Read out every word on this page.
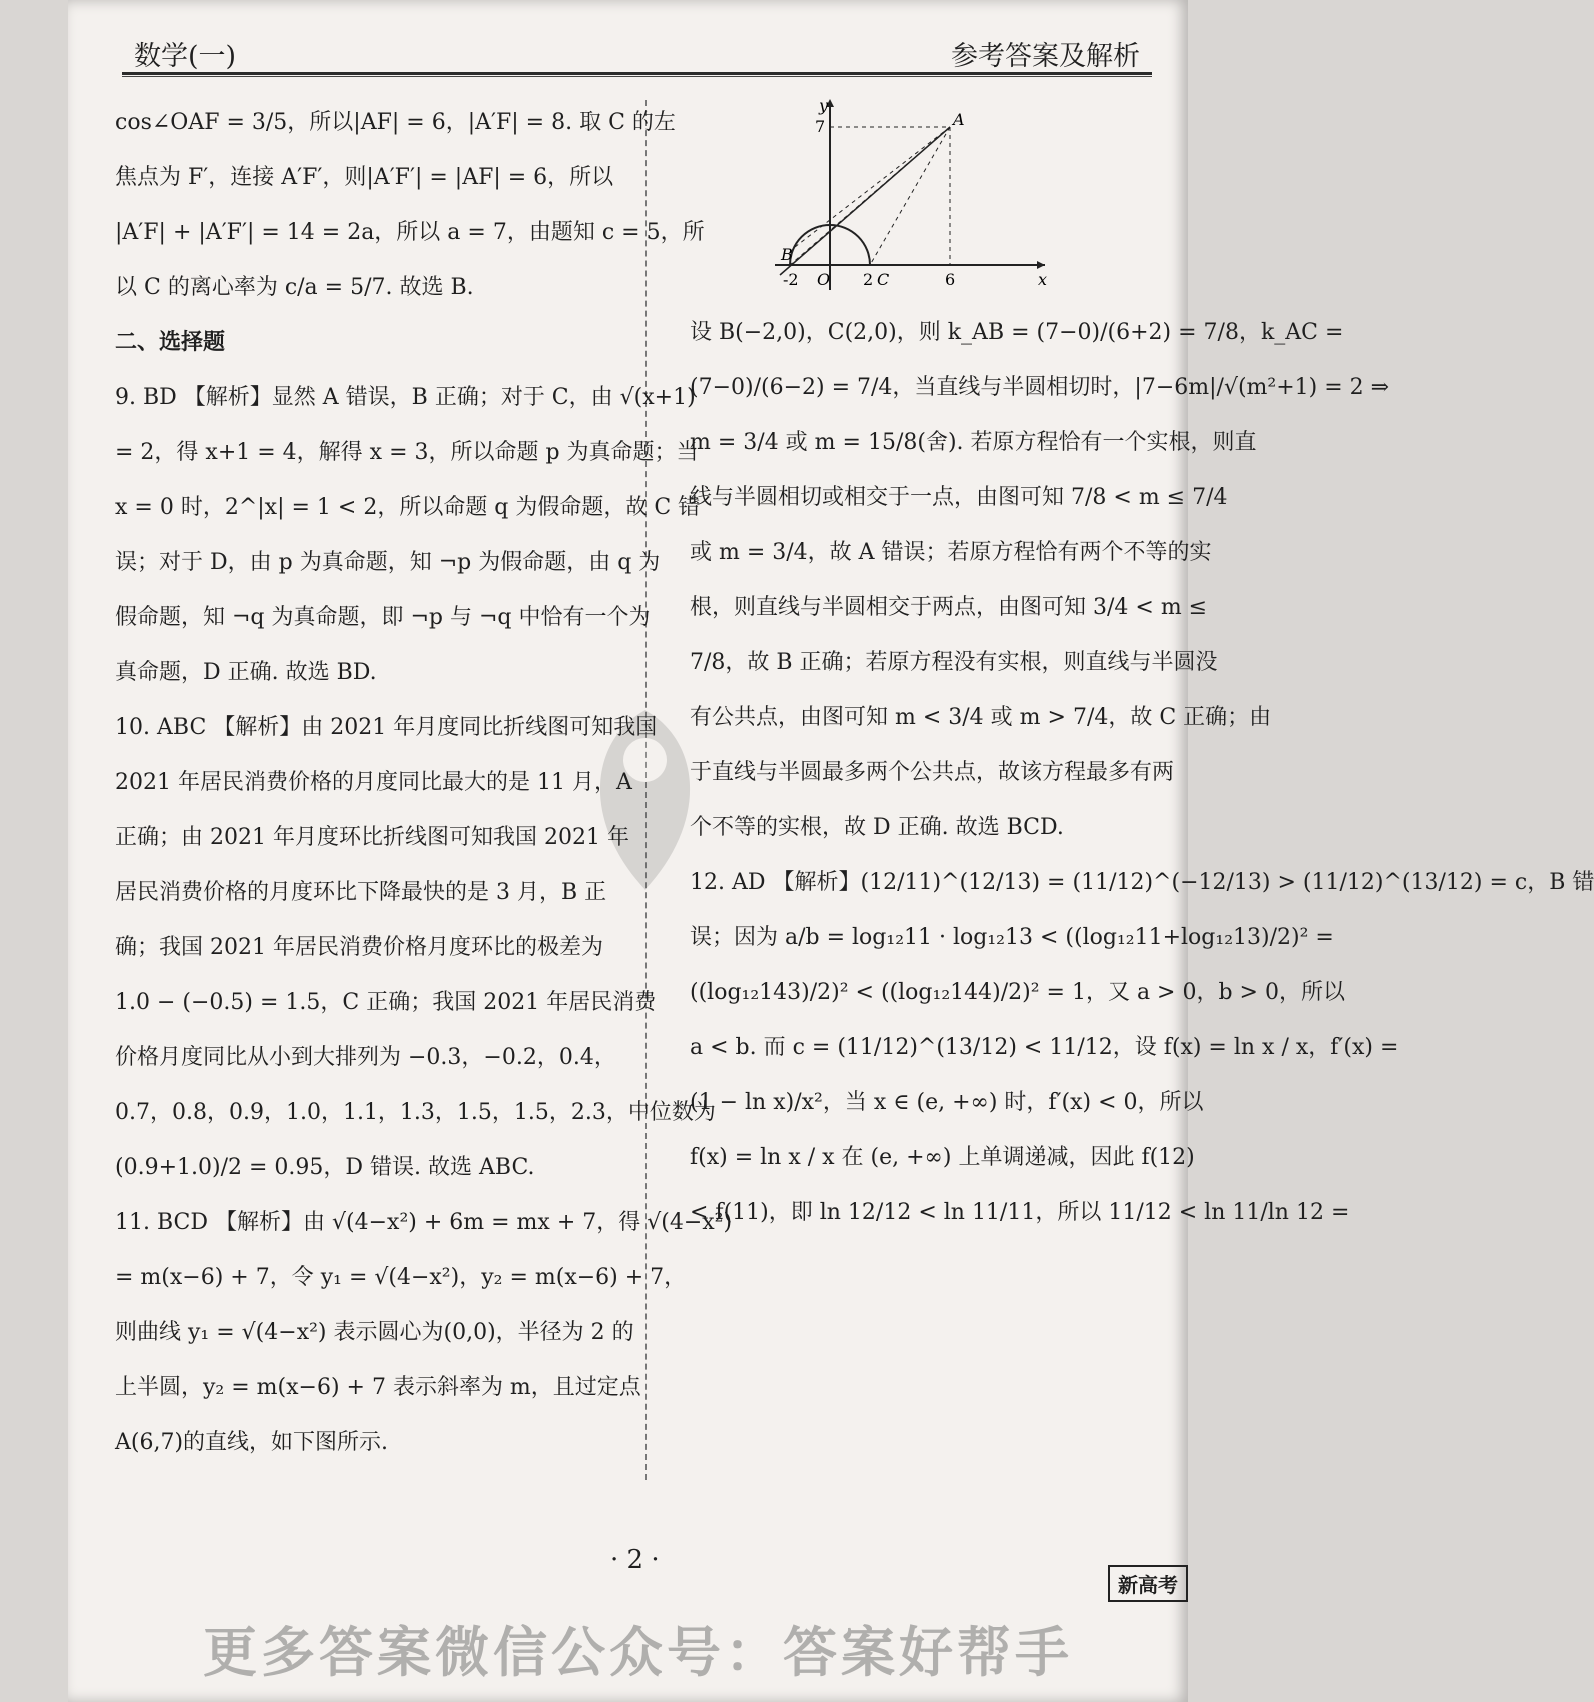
数学(一)	参考答案及解析

cos∠OAF = 3/5，所以|AF| = 6，|A′F| = 8. 取 C 的左

焦点为 F′，连接 A′F′，则|A′F′| = |AF| = 6，所以

|A′F| + |A′F′| = 14 = 2a，所以 a = 7，由题知 c = 5，所

以 C 的离心率为 c/a = 5/7. 故选 B.

二、选择题

9. BD 【解析】显然 A 错误，B 正确；对于 C，由 √(x+1)

= 2，得 x+1 = 4，解得 x = 3，所以命题 p 为真命题；当

x = 0 时，2^|x| = 1 < 2，所以命题 q 为假命题，故 C 错

误；对于 D，由 p 为真命题，知 ¬p 为假命题，由 q 为

假命题，知 ¬q 为真命题，即 ¬p 与 ¬q 中恰有一个为

真命题，D 正确. 故选 BD.

10. ABC 【解析】由 2021 年月度同比折线图可知我国

2021 年居民消费价格的月度同比最大的是 11 月，A

正确；由 2021 年月度环比折线图可知我国 2021 年

居民消费价格的月度环比下降最快的是 3 月，B 正

确；我国 2021 年居民消费价格月度环比的极差为

1.0 − (−0.5) = 1.5，C 正确；我国 2021 年居民消费

价格月度同比从小到大排列为 −0.3，−0.2，0.4，

0.7，0.8，0.9，1.0，1.1，1.3，1.5，1.5，2.3，中位数为

(0.9+1.0)/2 = 0.95，D 错误. 故选 ABC.

11. BCD 【解析】由 √(4−x²) + 6m = mx + 7，得 √(4−x²)

= m(x−6) + 7，令 y₁ = √(4−x²)，y₂ = m(x−6) + 7，

则曲线 y₁ = √(4−x²) 表示圆心为(0,0)，半径为 2 的

上半圆，y₂ = m(x−6) + 7 表示斜率为 m，且过定点

A(6,7)的直线，如下图所示.

y
x
A
B
C
O
7
-2	2	6

设 B(−2,0)，C(2,0)，则 k_AB = (7−0)/(6+2) = 7/8，k_AC =

(7−0)/(6−2) = 7/4，当直线与半圆相切时，|7−6m|/√(m²+1) = 2 ⇒

m = 3/4 或 m = 15/8(舍). 若原方程恰有一个实根，则直

线与半圆相切或相交于一点，由图可知 7/8 < m ≤ 7/4

或 m = 3/4，故 A 错误；若原方程恰有两个不等的实

根，则直线与半圆相交于两点，由图可知 3/4 < m ≤

7/8，故 B 正确；若原方程没有实根，则直线与半圆没

有公共点，由图可知 m < 3/4 或 m > 7/4，故 C 正确；由

于直线与半圆最多两个公共点，故该方程最多有两

个不等的实根，故 D 正确. 故选 BCD.

12. AD 【解析】(12/11)^(12/13) = (11/12)^(−12/13) > (11/12)^(13/12) = c，B 错

误；因为 a/b = log₁₂11 · log₁₂13 < ((log₁₂11+log₁₂13)/2)² =

((log₁₂143)/2)² < ((log₁₂144)/2)² = 1，又 a > 0，b > 0，所以

a < b. 而 c = (11/12)^(13/12) < 11/12，设 f(x) = ln x / x，f′(x) =

(1 − ln x)/x²，当 x ∈ (e, +∞) 时，f′(x) < 0，所以

f(x) = ln x / x 在 (e, +∞) 上单调递减，因此 f(12)

< f(11)，即 ln 12/12 < ln 11/11，所以 11/12 < ln 11/ln 12 =

· 2 ·
新高考
更多答案微信公众号：答案好帮手
